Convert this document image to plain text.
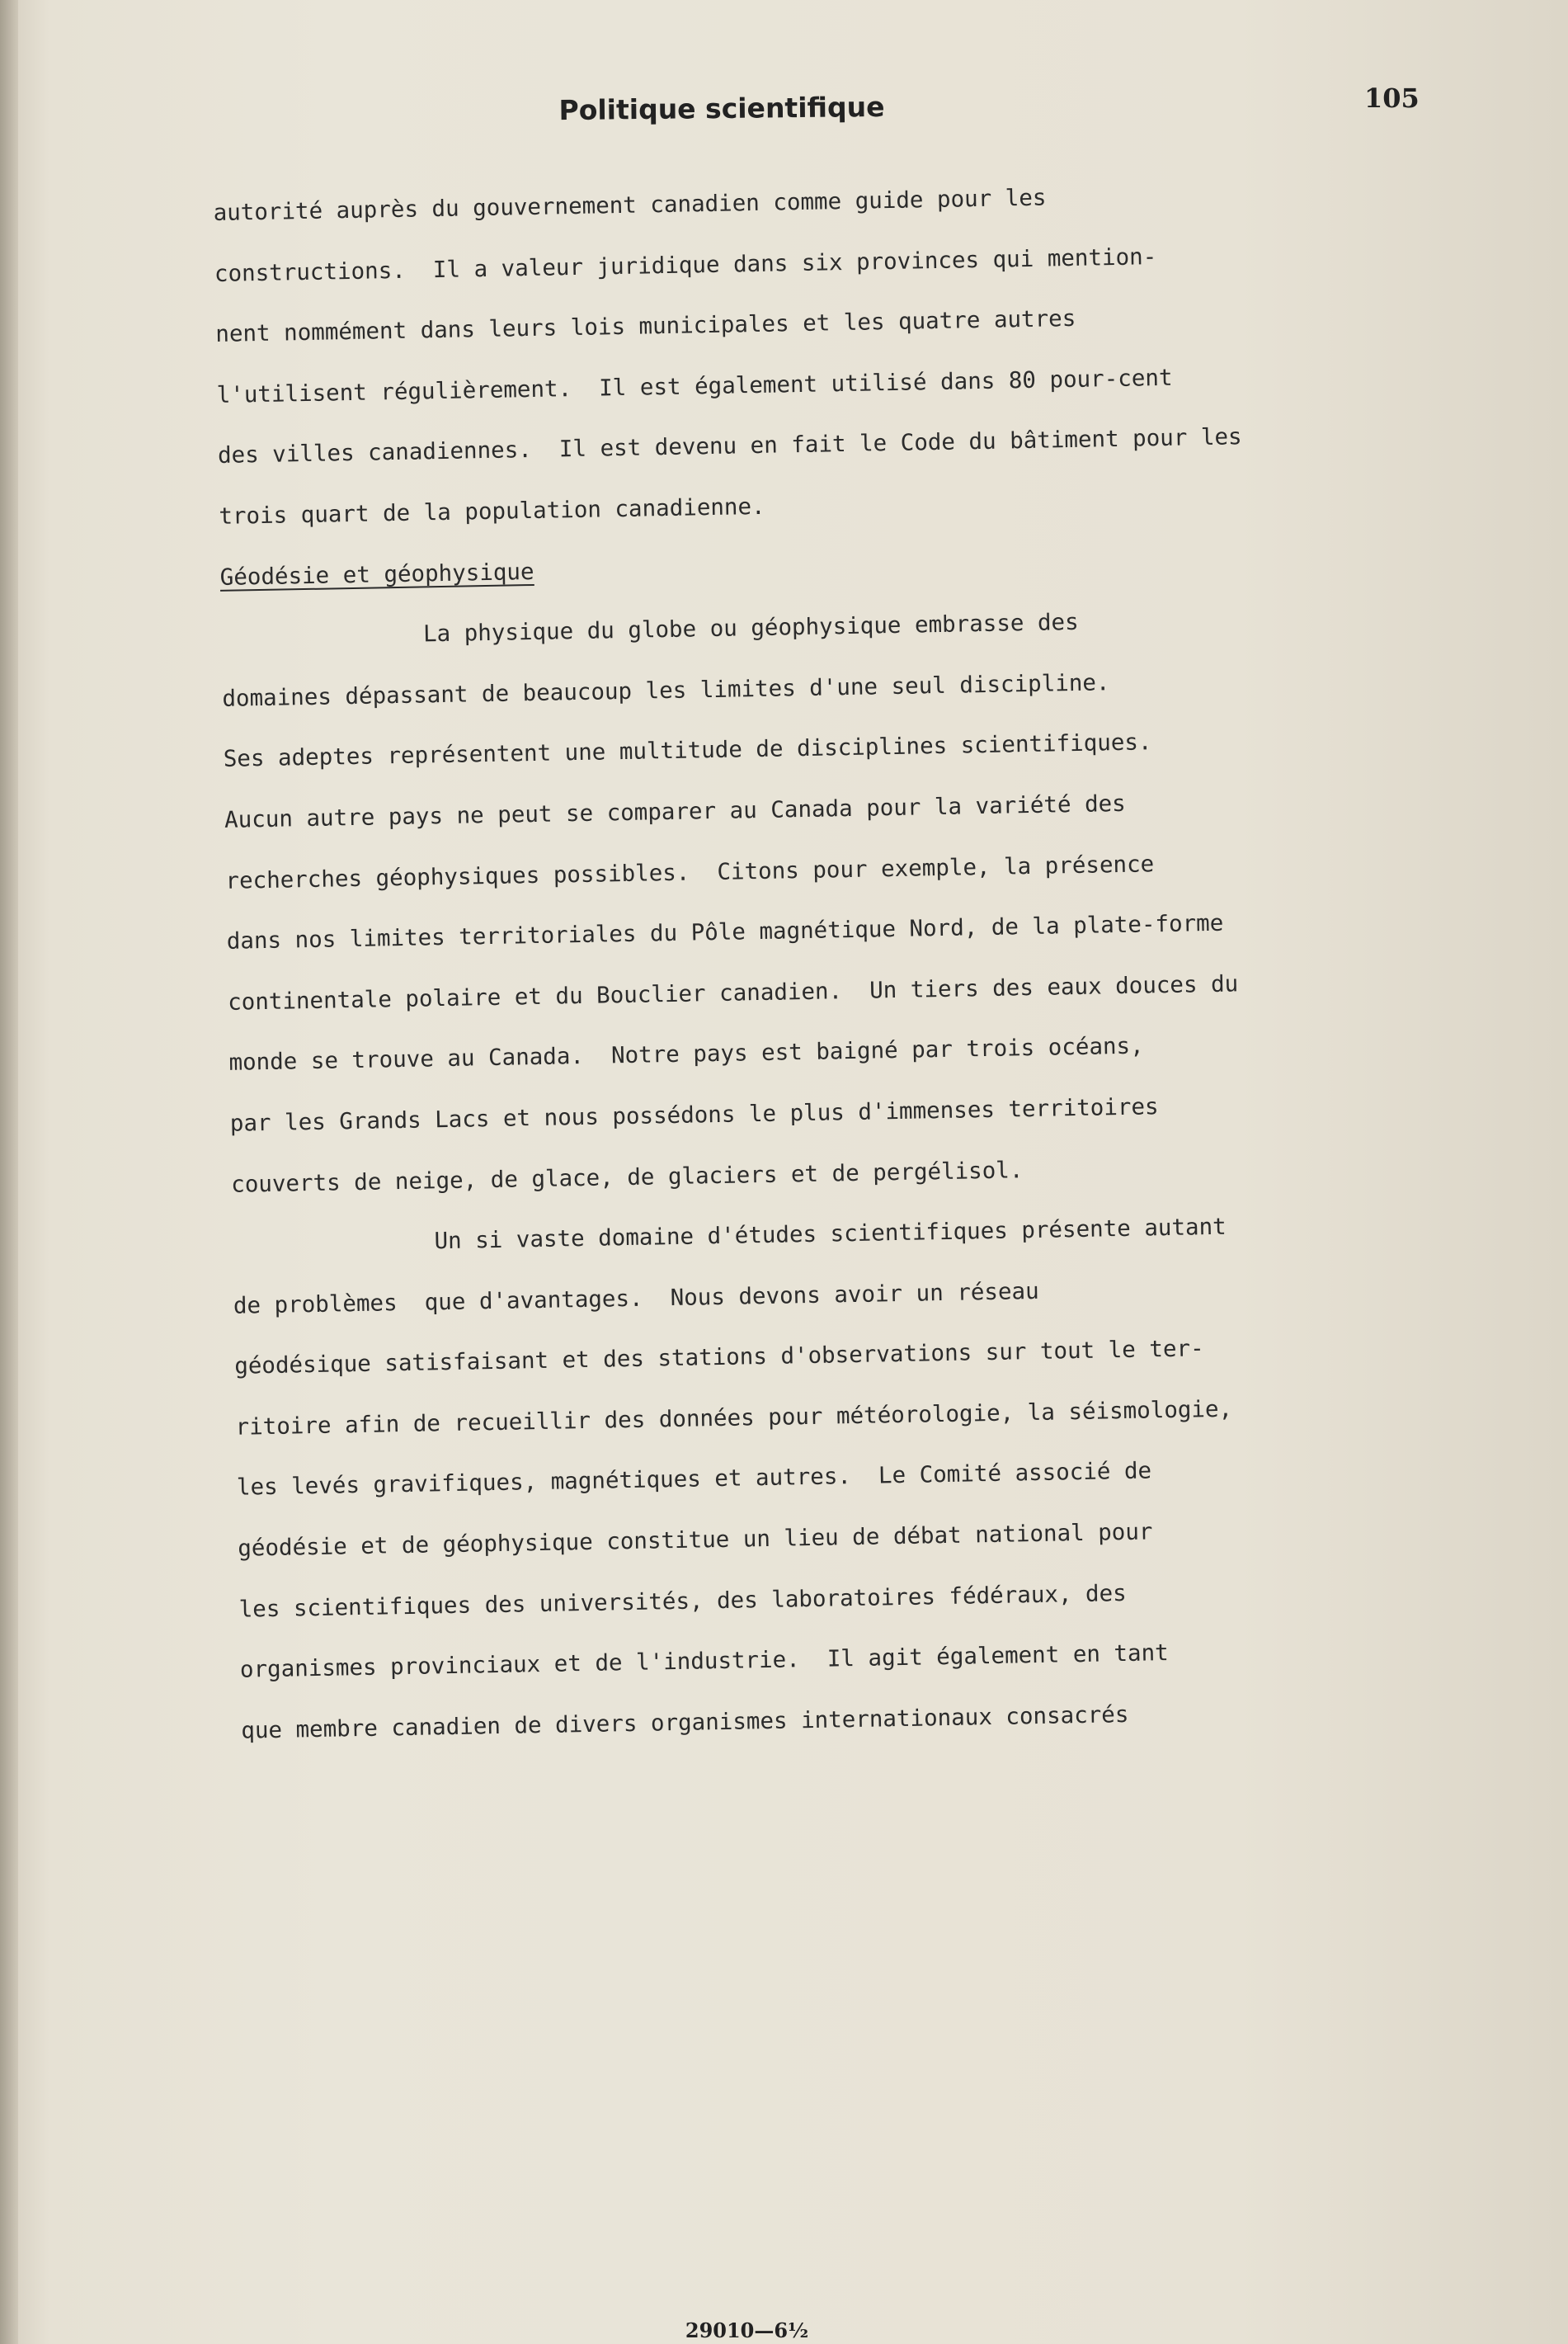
Politique scientifique	105
autorité auprès du gouvernement canadien comme guide pour les
constructions.  Il a valeur juridique dans six provinces qui mention-
nent nommément dans leurs lois municipales et les quatre autres
l'utilisent régulièrement.  Il est également utilisé dans 80 pour-cent
des villes canadiennes.  Il est devenu en fait le Code du bâtiment pour les
trois quart de la population canadienne.
Géodésie et géophysique
La physique du globe ou géophysique embrasse des
domaines dépassant de beaucoup les limites d'une seul discipline.
Ses adeptes représentent une multitude de disciplines scientifiques.
Aucun autre pays ne peut se comparer au Canada pour la variété des
recherches géophysiques possibles.  Citons pour exemple, la présence
dans nos limites territoriales du Pôle magnétique Nord, de la plate-forme
continentale polaire et du Bouclier canadien.  Un tiers des eaux douces du
monde se trouve au Canada.  Notre pays est baigné par trois océans,
par les Grands Lacs et nous possédons le plus d'immenses territoires
couverts de neige, de glace, de glaciers et de pergélisol.
Un si vaste domaine d'études scientifiques présente autant
de problèmes  que d'avantages.  Nous devons avoir un réseau
géodésique satisfaisant et des stations d'observations sur tout le ter-
ritoire afin de recueillir des données pour météorologie, la séismologie,
les levés gravifiques, magnétiques et autres.  Le Comité associé de
géodésie et de géophysique constitue un lieu de débat national pour
les scientifiques des universités, des laboratoires fédéraux, des
organismes provinciaux et de l'industrie.  Il agit également en tant
que membre canadien de divers organismes internationaux consacrés
29010—6½
